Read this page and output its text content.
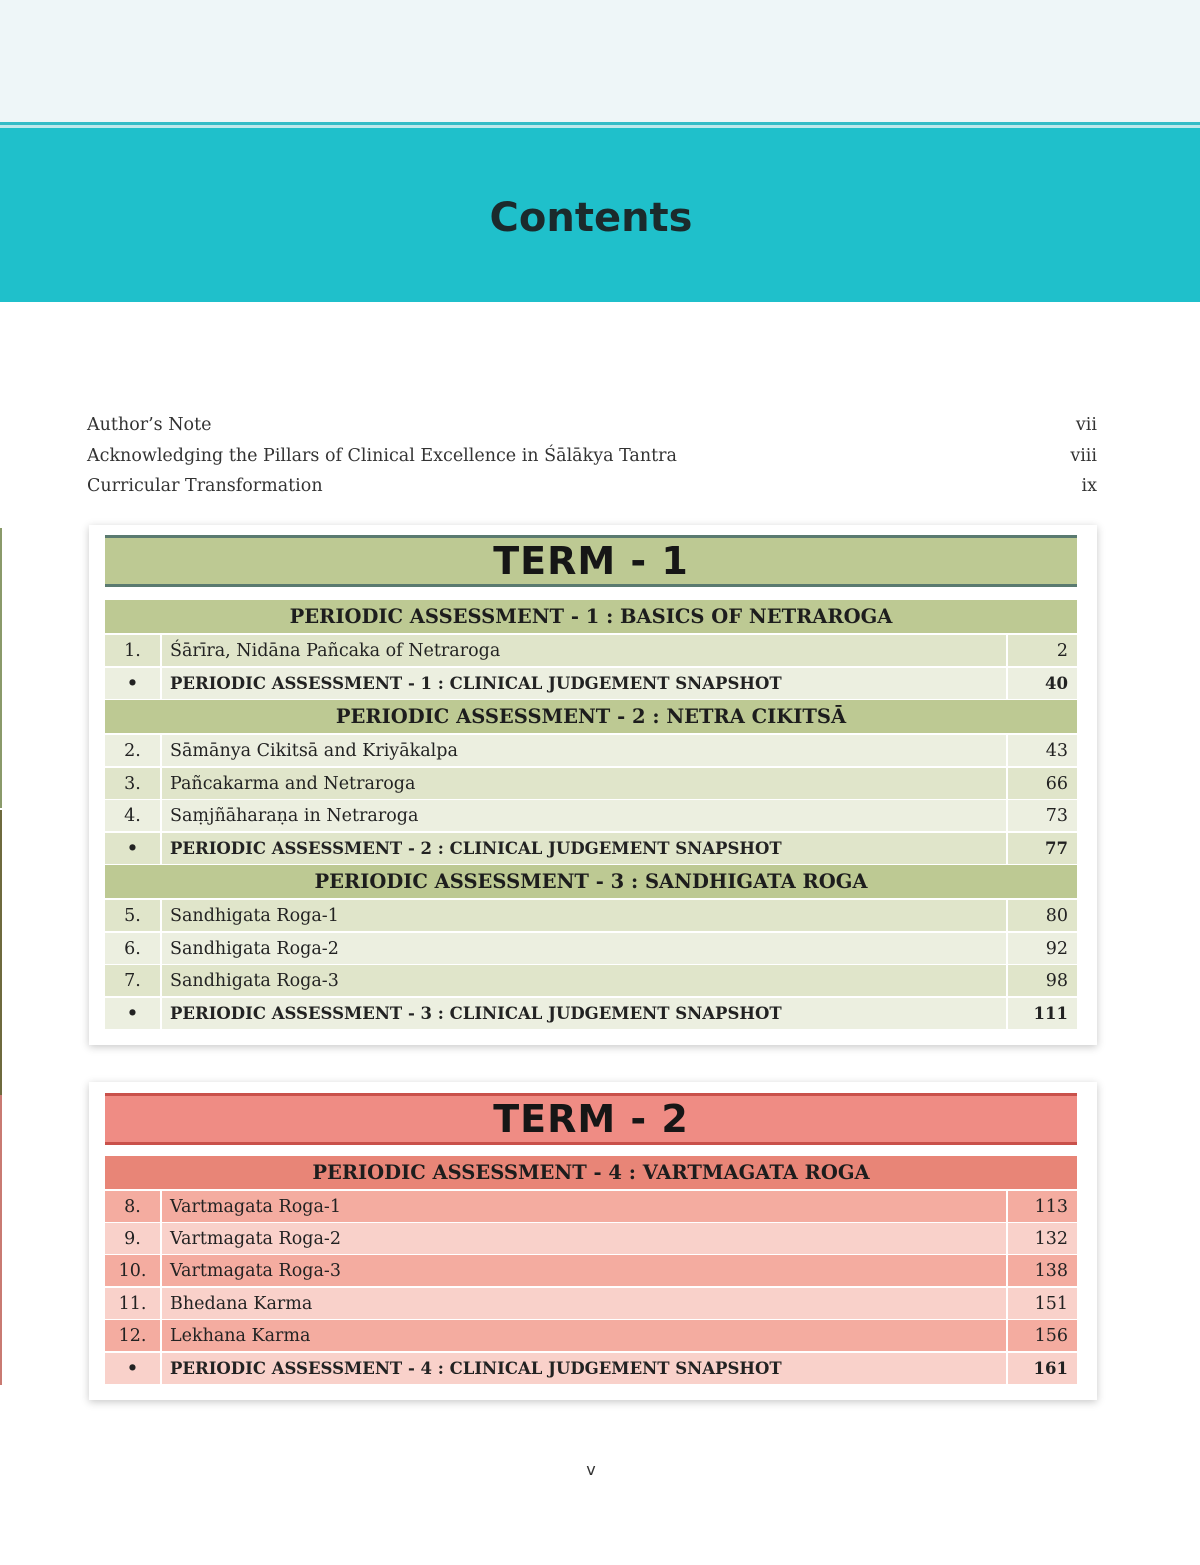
Contents
Author’s Note	vii
Acknowledging the Pillars of Clinical Excellence in Śālākya Tantra	viii
Curricular Transformation	ix
TERM - 1
PERIODIC ASSESSMENT - 1 : BASICS OF NETRAROGA
1.	Śārīra, Nidāna Pañcaka of Netraroga	2
•	PERIODIC ASSESSMENT - 1 : CLINICAL JUDGEMENT SNAPSHOT	40
PERIODIC ASSESSMENT - 2 : NETRA CIKITSĀ
2.	Sāmānya Cikitsā and Kriyākalpa	43
3.	Pañcakarma and Netraroga	66
4.	Saṃjñāharaṇa in Netraroga	73
•	PERIODIC ASSESSMENT - 2 : CLINICAL JUDGEMENT SNAPSHOT	77
PERIODIC ASSESSMENT - 3 : SANDHIGATA ROGA
5.	Sandhigata Roga-1	80
6.	Sandhigata Roga-2	92
7.	Sandhigata Roga-3	98
•	PERIODIC ASSESSMENT - 3 : CLINICAL JUDGEMENT SNAPSHOT	111
TERM - 2
PERIODIC ASSESSMENT - 4 : VARTMAGATA ROGA
8.	Vartmagata Roga-1	113
9.	Vartmagata Roga-2	132
10.	Vartmagata Roga-3	138
11.	Bhedana Karma	151
12.	Lekhana Karma	156
•	PERIODIC ASSESSMENT - 4 : CLINICAL JUDGEMENT SNAPSHOT	161
v
